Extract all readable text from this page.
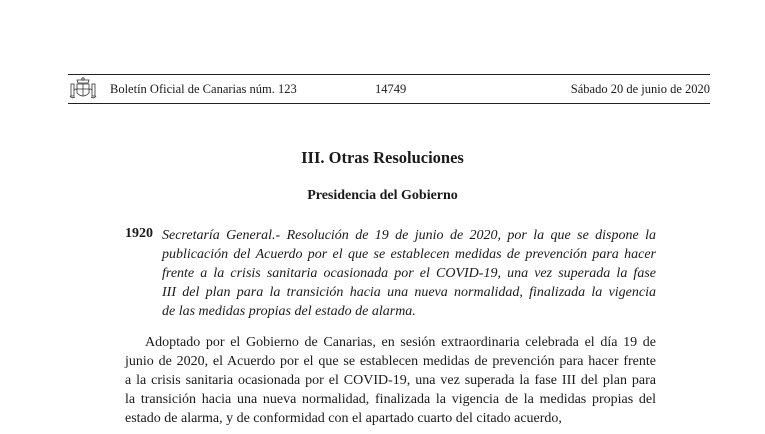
Boletín Oficial de Canarias núm. 123	14749	Sábado 20 de junio de 2020
III. Otras Resoluciones
Presidencia del Gobierno
1920 Secretaría General.- Resolución de 19 de junio de 2020, por la que se dispone la
publicación del Acuerdo por el que se establecen medidas de prevención para hacer
frente a la crisis sanitaria ocasionada por el COVID-19, una vez superada la fase
III del plan para la transición hacia una nueva normalidad, finalizada la vigencia
de las medidas propias del estado de alarma.
Adoptado por el Gobierno de Canarias, en sesión extraordinaria celebrada el día 19 de
junio de 2020, el Acuerdo por el que se establecen medidas de prevención para hacer frente
a la crisis sanitaria ocasionada por el COVID-19, una vez superada la fase III del plan para
la transición hacia una nueva normalidad, finalizada la vigencia de la medidas propias del
estado de alarma, y de conformidad con el apartado cuarto del citado acuerdo,
